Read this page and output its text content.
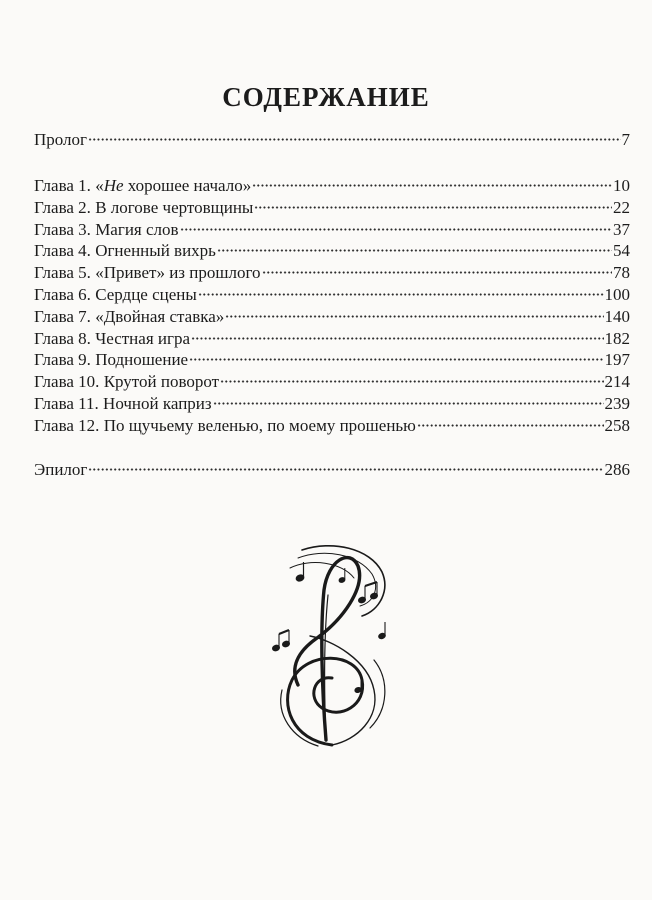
СОДЕРЖАНИЕ
Пролог	7
Глава 1. «Не хорошее начало»	10
Глава 2. В логове чертовщины	22
Глава 3. Магия слов	37
Глава 4. Огненный вихрь	54
Глава 5. «Привет» из прошлого	78
Глава 6. Сердце сцены	100
Глава 7. «Двойная ставка»	140
Глава 8. Честная игра	182
Глава 9. Подношение	197
Глава 10. Крутой поворот	214
Глава 11. Ночной каприз	239
Глава 12. По щучьему веленью, по моему прошенью	258
Эпилог	286
